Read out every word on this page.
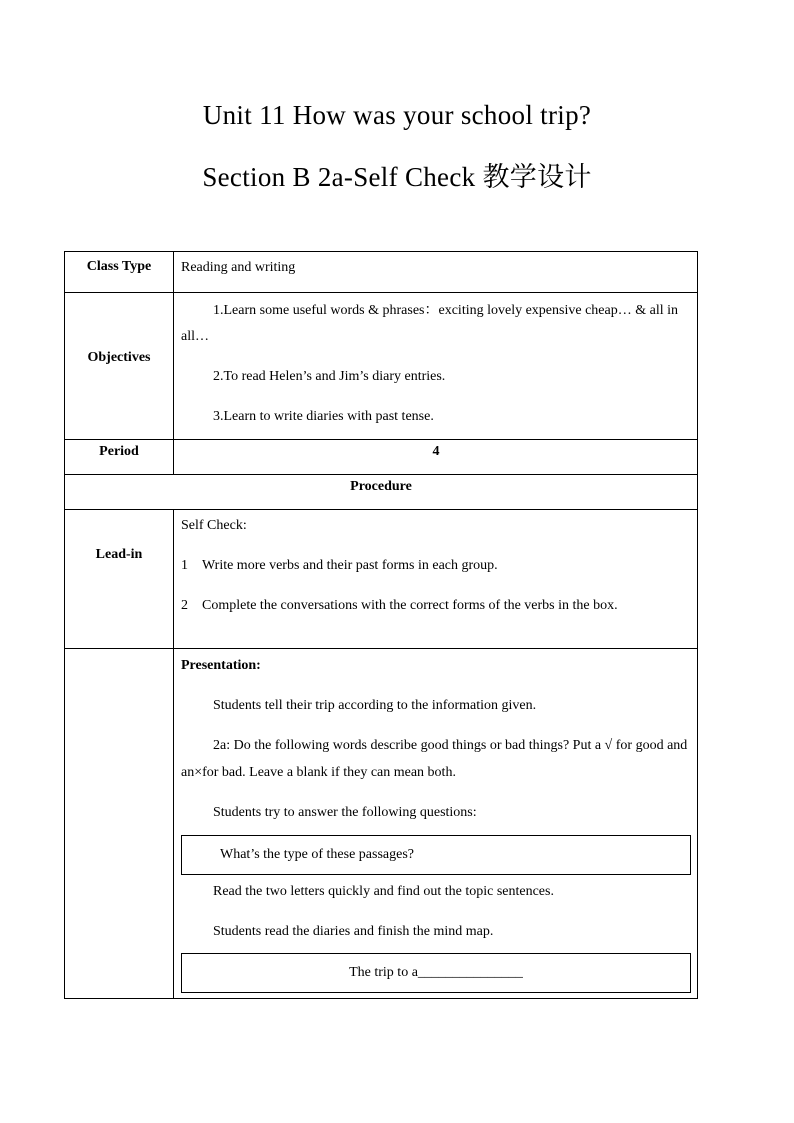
Unit 11 How was your school trip?
Section B 2a-Self Check 教学设计
Class Type	Reading and writing
Objectives

1.Learn some useful words & phrases：exciting lovely expensive cheap… & all in all…

2.To read Helen’s and Jim’s diary entries.

3.Learn to write diaries with past tense.

Period	4
Procedure
Lead-in

Self Check:

1　Write more verbs and their past forms in each group.

2　Complete the conversations with the correct forms of the verbs in the box.

Presentation:

Students tell their trip according to the information given.

2a: Do the following words describe good things or bad things? Put a √ for good and an×for bad. Leave a blank if they can mean both.

Students try to answer the following questions:

What’s the type of these passages?

Read the two letters quickly and find out the topic sentences.

Students read the diaries and finish the mind map.

The trip to a_______________
